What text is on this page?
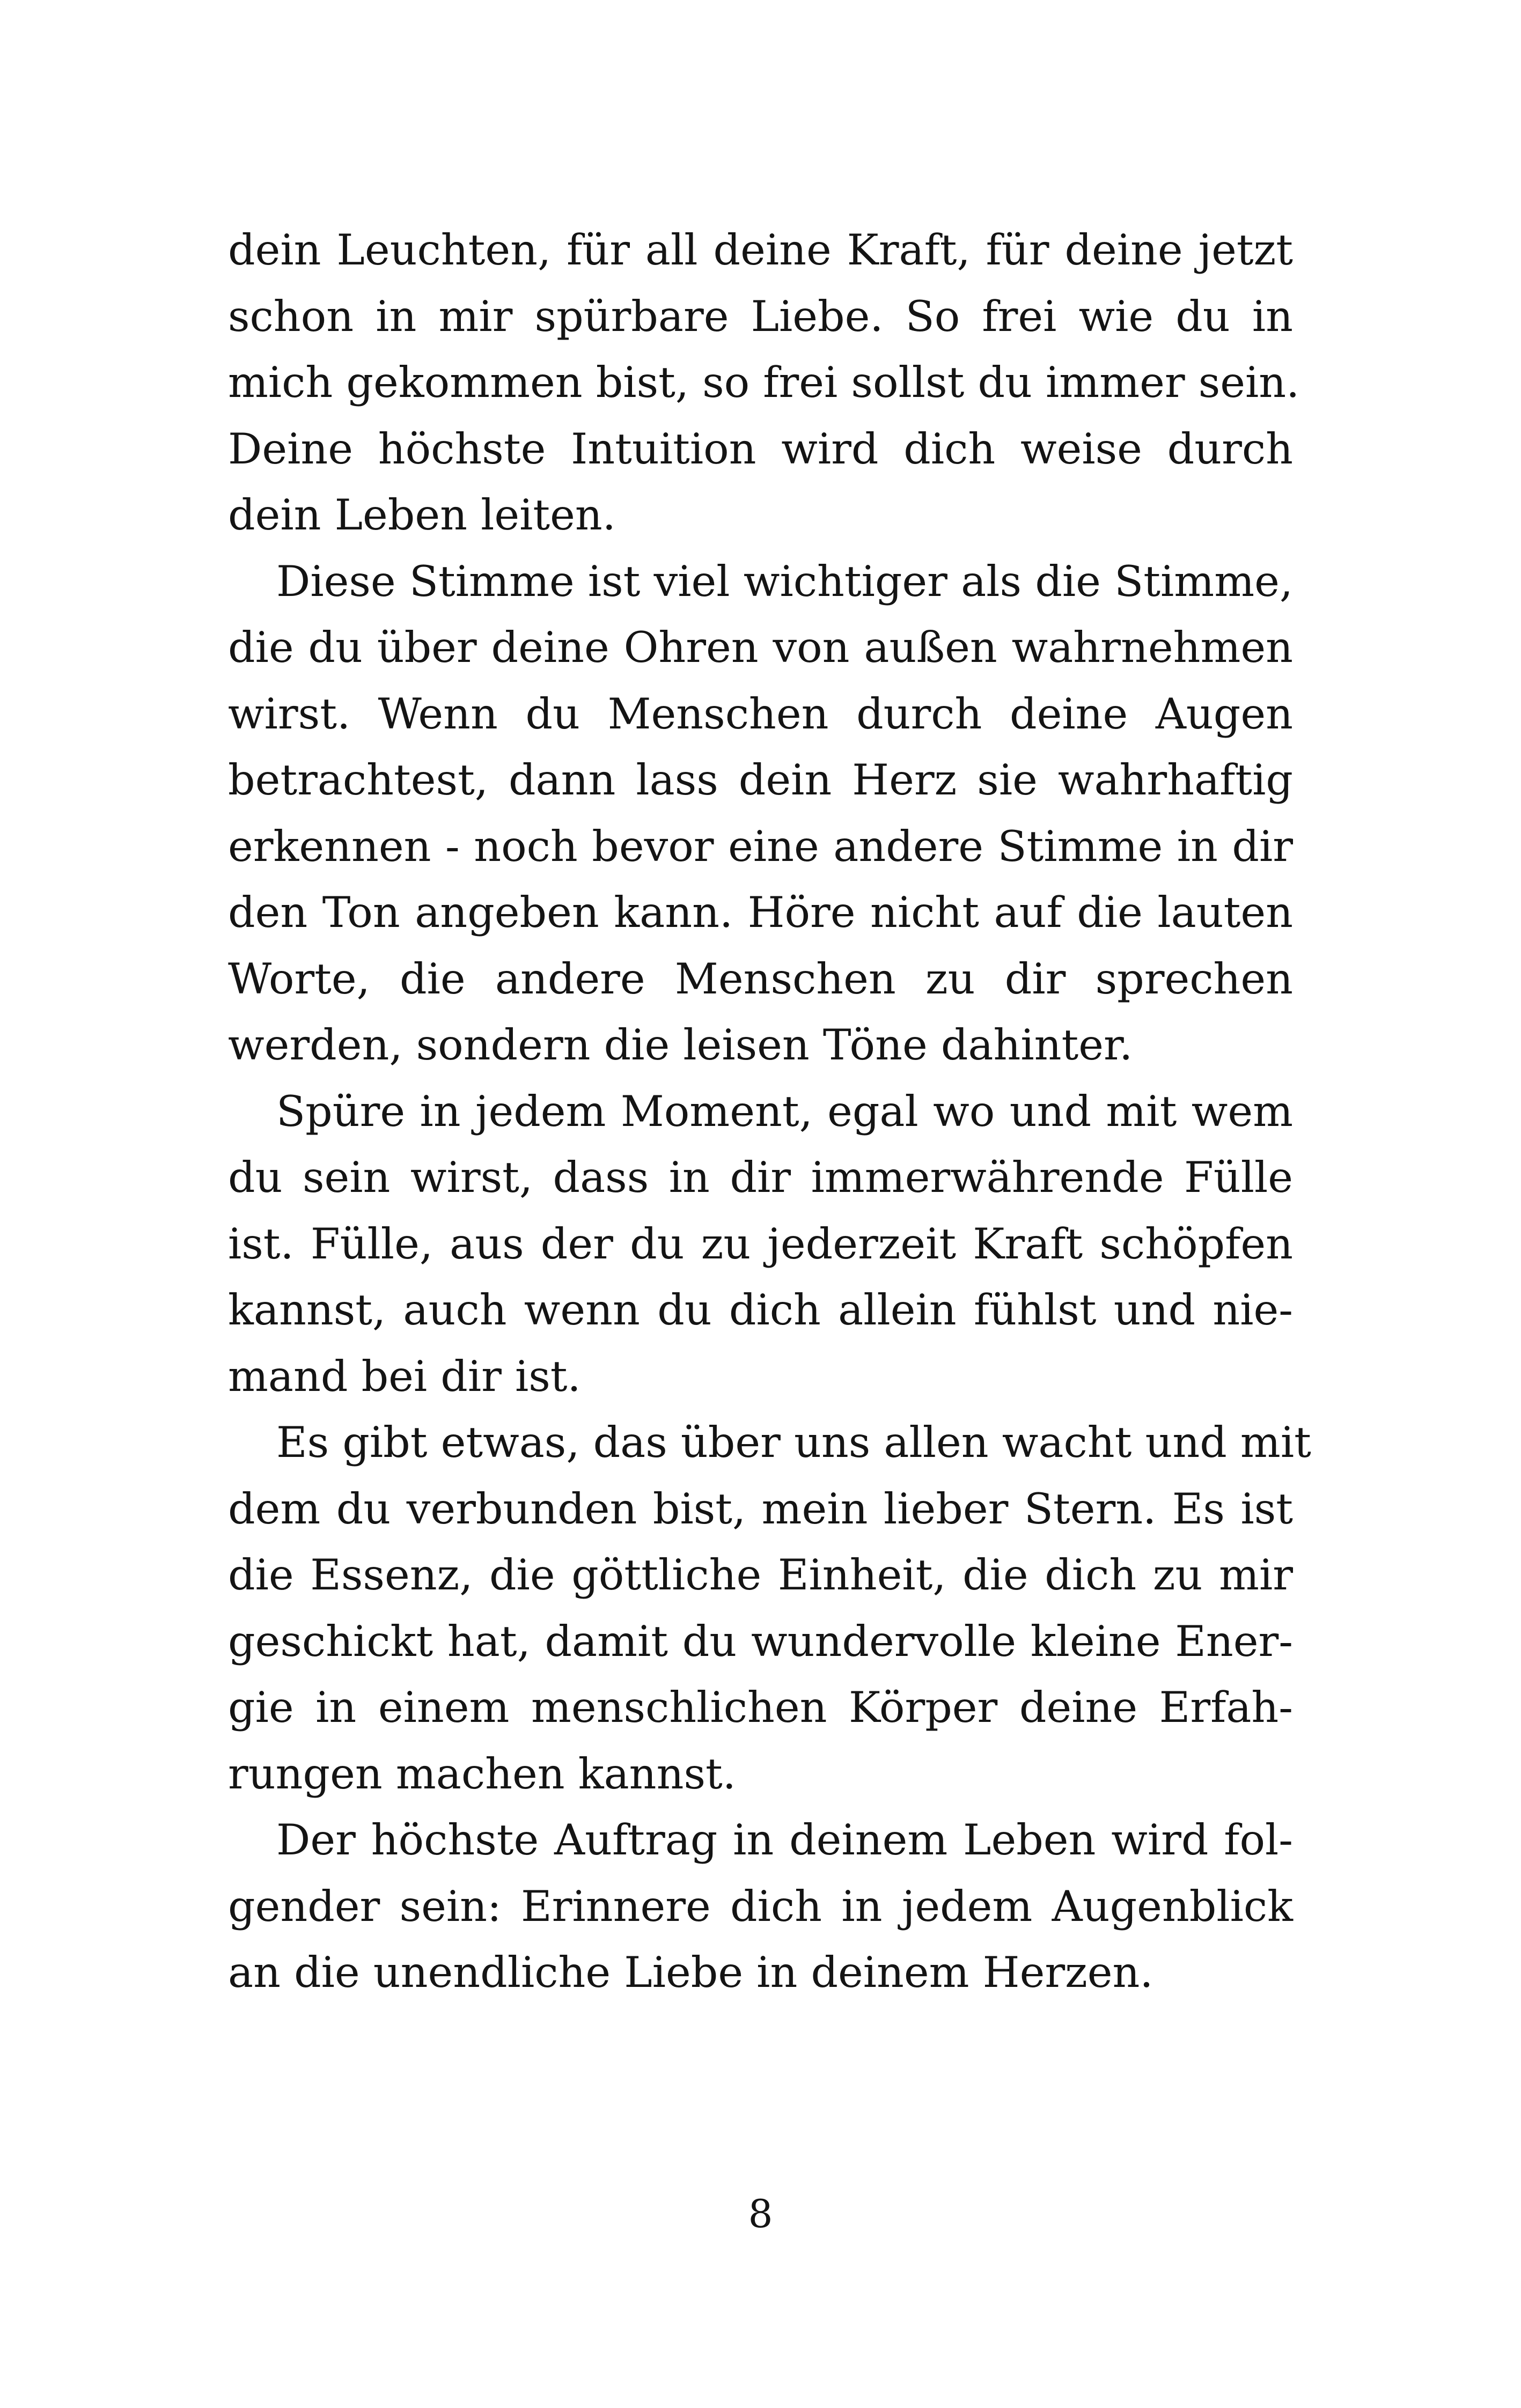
dein Leuchten, für all deine Kraft, für deine jetzt
schon in mir spürbare Liebe. So frei wie du in
mich gekommen bist, so frei sollst du immer sein.
Deine höchste Intuition wird dich weise durch
dein Leben leiten.
Diese Stimme ist viel wichtiger als die Stimme,
die du über deine Ohren von außen wahrnehmen
wirst. Wenn du Menschen durch deine Augen
betrachtest, dann lass dein Herz sie wahrhaftig
erkennen - noch bevor eine andere Stimme in dir
den Ton angeben kann. Höre nicht auf die lauten
Worte, die andere Menschen zu dir sprechen
werden, sondern die leisen Töne dahinter.
Spüre in jedem Moment, egal wo und mit wem
du sein wirst, dass in dir immerwährende Fülle
ist. Fülle, aus der du zu jederzeit Kraft schöpfen
kannst, auch wenn du dich allein fühlst und nie-
mand bei dir ist.
Es gibt etwas, das über uns allen wacht und mit
dem du verbunden bist, mein lieber Stern. Es ist
die Essenz, die göttliche Einheit, die dich zu mir
geschickt hat, damit du wundervolle kleine Ener-
gie in einem menschlichen Körper deine Erfah-
rungen machen kannst.
Der höchste Auftrag in deinem Leben wird fol-
gender sein: Erinnere dich in jedem Augenblick
an die unendliche Liebe in deinem Herzen.
8
